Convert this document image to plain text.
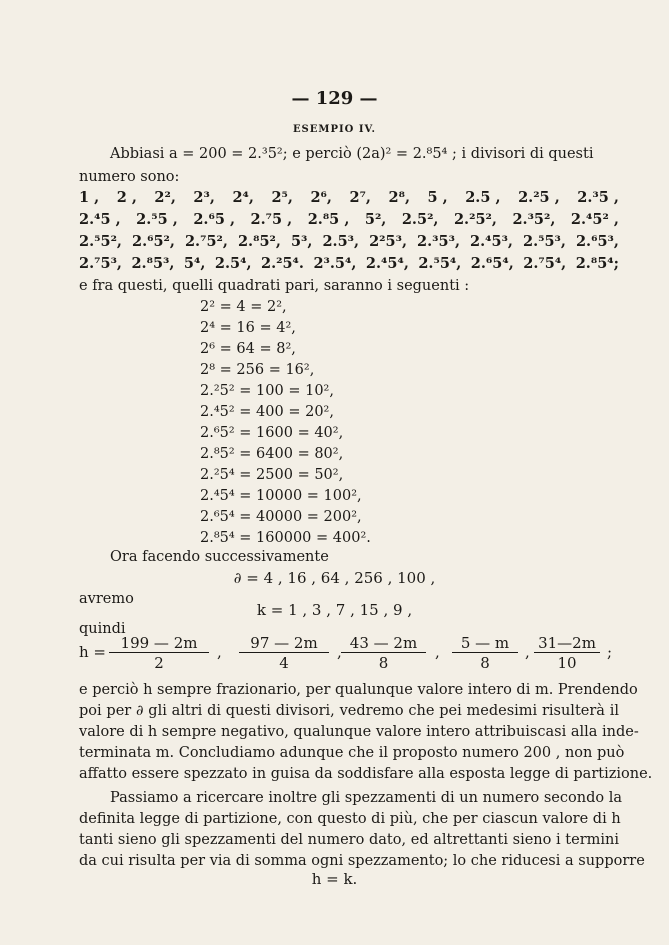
— 129 —
ESEMPIO IV.
Abbiasi a = 200 = 2.³5²; e perciò (2a)² = 2.⁸5⁴ ; i divisori di questi
numero sono:
1 , 2 , 2², 2³, 2⁴, 2⁵, 2⁶, 2⁷, 2⁸, 5 , 2.5 , 2.²5 , 2.³5 ,
2.⁴5 , 2.⁵5 , 2.⁶5 , 2.⁷5 , 2.⁸5 , 5², 2.5², 2.²5², 2.³5², 2.⁴5² ,
2.⁵5², 2.⁶5², 2.⁷5², 2.⁸5², 5³, 2.5³, 2²5³, 2.³5³, 2.⁴5³, 2.⁵5³, 2.⁶5³,
2.⁷5³, 2.⁸5³, 5⁴, 2.5⁴, 2.²5⁴. 2³.5⁴, 2.⁴5⁴, 2.⁵5⁴, 2.⁶5⁴, 2.⁷5⁴, 2.⁸5⁴;
e fra questi, quelli quadrati pari, saranno i seguenti :
2² = 4 = 2²,
2⁴ = 16 = 4²,
2⁶ = 64 = 8²,
2⁸ = 256 = 16²,
2.²5² = 100 = 10²,
2.⁴5² = 400 = 20²,
2.⁶5² = 1600 = 40²,
2.⁸5² = 6400 = 80²,
2.²5⁴ = 2500 = 50²,
2.⁴5⁴ = 10000 = 100²,
2.⁶5⁴ = 40000 = 200²,
2.⁸5⁴ = 160000 = 400².
Ora facendo successivamente
∂ = 4 , 16 , 64 , 256 , 100 ,
avremo
k = 1 , 3 , 7 , 15 , 9 ,
quindi
$h = \frac{199 — 2m}{2}$ , $\frac{97 — 2m}{4}$ , $\frac{43 — 2m}{8}$ , $\frac{5 — m}{8}$ , $\frac{31—2m}{10}$ ;
e perciò h sempre frazionario, per qualunque valore intero di m. Prendendo
poi per ∂ gli altri di questi divisori, vedremo che pei medesimi risulterà il
valore di h sempre negativo, qualunque valore intero attribuiscasi alla inde-
terminata m. Concludiamo adunque che il proposto numero 200 , non può
affatto essere spezzato in guisa da soddisfare alla esposta legge di partizione.
Passiamo a ricercare inoltre gli spezzamenti di un numero secondo la
definita legge di partizione, con questo di più, che per ciascun valore di h
tanti sieno gli spezzamenti del numero dato, ed altrettanti sieno i termini
da cui risulta per via di somma ogni spezzamento; lo che riducesi a supporre
h = k.
